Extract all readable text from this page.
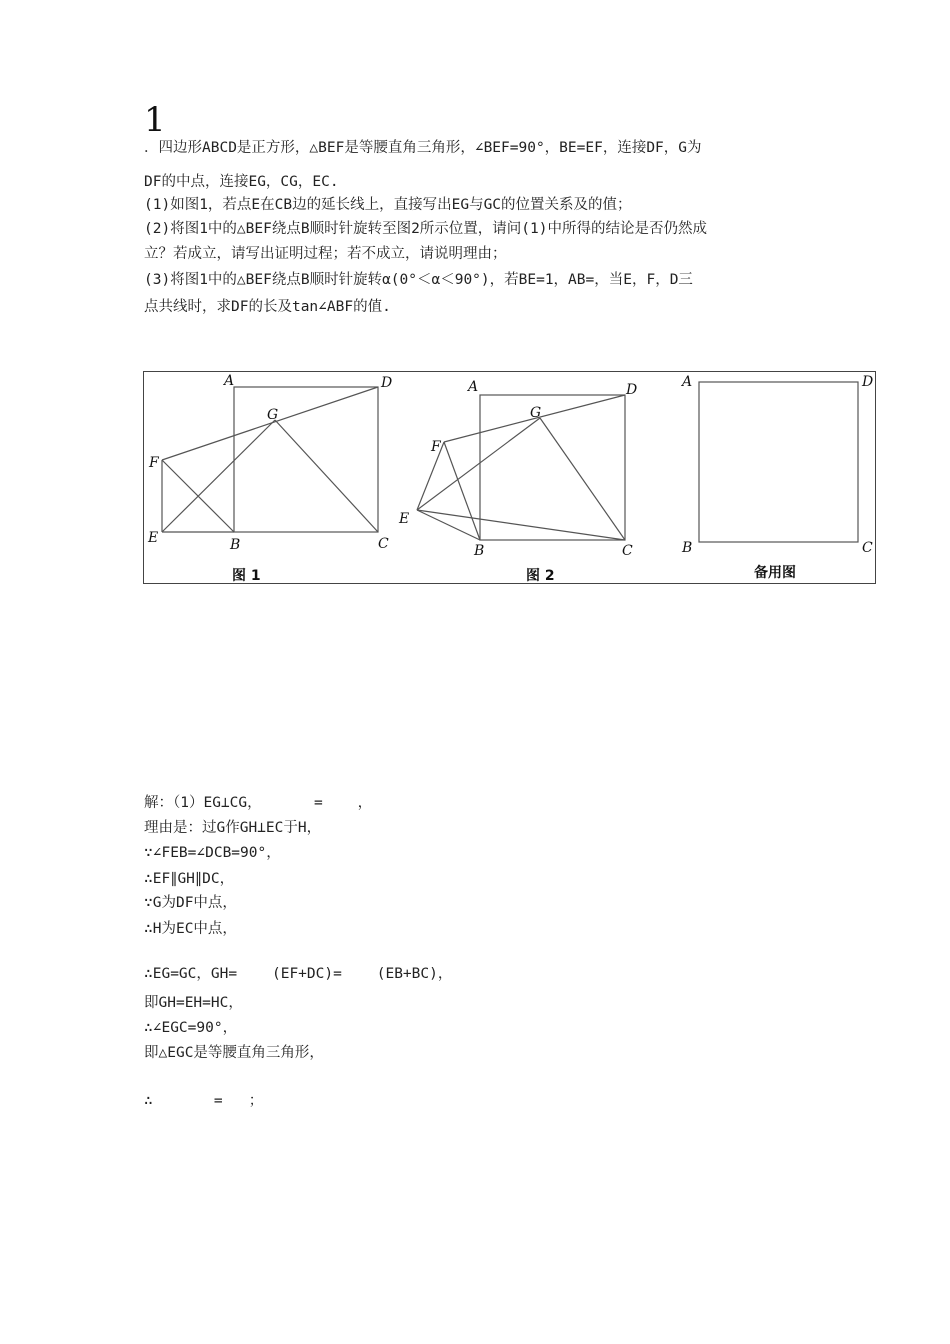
1
．四边形ABCD是正方形，△BEF是等腰直角三角形，∠BEF=90°，BE=EF，连接DF，G为
DF的中点，连接EG，CG，EC.
(1)如图1，若点E在CB边的延长线上，直接写出EG与GC的位置关系及的值；
(2)将图1中的△BEF绕点B顺时针旋转至图2所示位置，请问(1)中所得的结论是否仍然成
立？若成立，请写出证明过程；若不成立，请说明理由；
(3)将图1中的△BEF绕点B顺时针旋转α(0°＜α＜90°)，若BE=1，AB=，当E，F，D三
点共线时，求DF的长及tan∠ABF的值.
A	D
G
F
E	B	C
图 1
A	D
G
F
E
B	C
图 2
A	D
B	C
备用图
解：（1）EG⊥CG，      =    ，
理由是：过G作GH⊥EC于H，
∵∠FEB=∠DCB=90°，
∴EF∥GH∥DC，
∵G为DF中点，
∴H为EC中点，
∴EG=GC，GH=    (EF+DC)=    (EB+BC)，
即GH=EH=HC，
∴∠EGC=90°，
即△EGC是等腰直角三角形，
∴       =   ；
